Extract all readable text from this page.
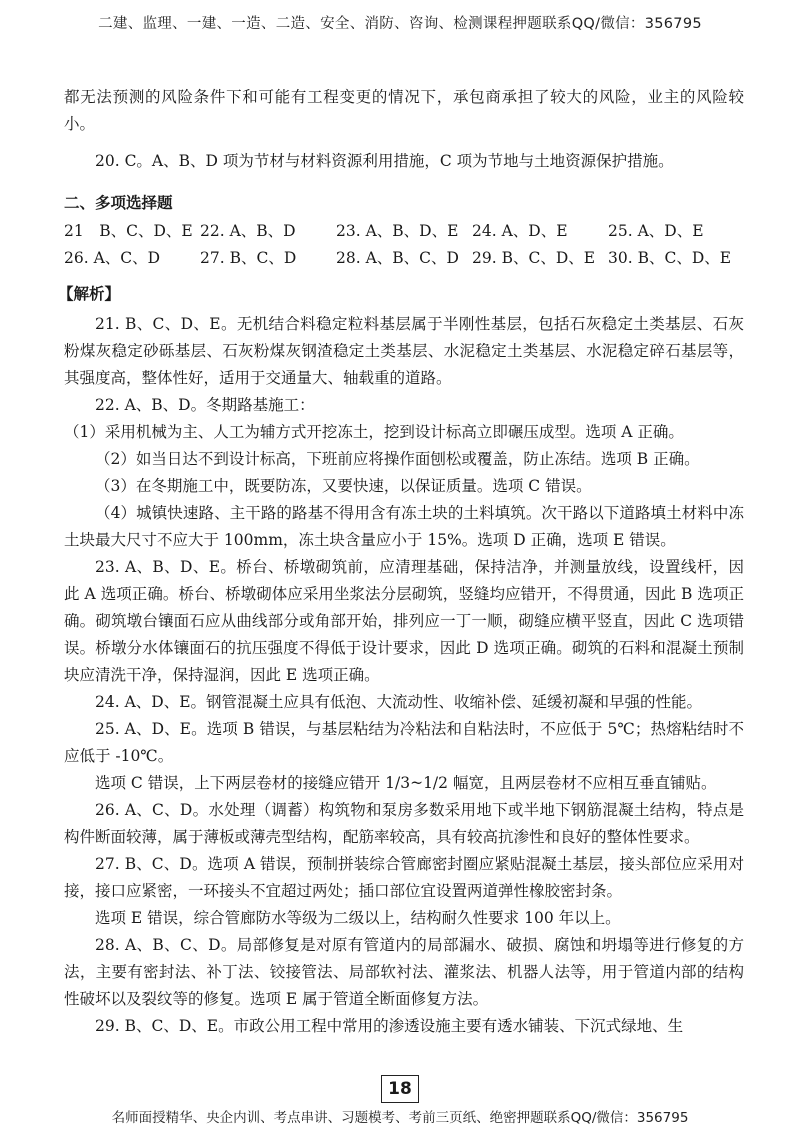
二建、监理、一建、一造、二造、安全、消防、咨询、检测课程押题联系QQ/微信：356795

都无法预测的风险条件下和可能有工程变更的情况下，承包商承担了较大的风险，业主的风险较小。

20. C。A、B、D 项为节材与材料资源利用措施，C 项为节地与土地资源保护措施。

二、多项选择题

21　B、C、D、E 22. A、B、D	23. A、B、D、E 24. A、D、E	25. A、D、E
26. A、C、D	27. B、C、D	28. A、B、C、D 29. B、C、D、E 30. B、C、D、E

【解析】

21. B、C、D、E。无机结合料稳定粒料基层属于半刚性基层，包括石灰稳定土类基层、石灰粉煤灰稳定砂砾基层、石灰粉煤灰钢渣稳定土类基层、水泥稳定土类基层、水泥稳定碎石基层等，其强度高，整体性好，适用于交通量大、轴载重的道路。

22. A、B、D。冬期路基施工：

（1）采用机械为主、人工为辅方式开挖冻土，挖到设计标高立即碾压成型。选项 A 正确。

（2）如当日达不到设计标高，下班前应将操作面刨松或覆盖，防止冻结。选项 B 正确。

（3）在冬期施工中，既要防冻，又要快速，以保证质量。选项 C 错误。

（4）城镇快速路、主干路的路基不得用含有冻土块的土料填筑。次干路以下道路填土材料中冻土块最大尺寸不应大于 100mm，冻土块含量应小于 15%。选项 D 正确，选项 E 错误。

23. A、B、D、E。桥台、桥墩砌筑前，应清理基础，保持洁净，并测量放线，设置线杆，因此 A 选项正确。桥台、桥墩砌体应采用坐浆法分层砌筑，竖缝均应错开，不得贯通，因此 B 选项正确。砌筑墩台镶面石应从曲线部分或角部开始，排列应一丁一顺，砌缝应横平竖直，因此 C 选项错误。桥墩分水体镶面石的抗压强度不得低于设计要求，因此 D 选项正确。砌筑的石料和混凝土预制块应清洗干净，保持湿润，因此 E 选项正确。

24. A、D、E。钢管混凝土应具有低泡、大流动性、收缩补偿、延缓初凝和早强的性能。

25. A、D、E。选项 B 错误，与基层粘结为冷粘法和自粘法时，不应低于 5℃；热熔粘结时不应低于 -10℃。

选项 C 错误，上下两层卷材的接缝应错开 1/3~1/2 幅宽，且两层卷材不应相互垂直铺贴。

26. A、C、D。水处理（调蓄）构筑物和泵房多数采用地下或半地下钢筋混凝土结构，特点是构件断面较薄，属于薄板或薄壳型结构，配筋率较高，具有较高抗渗性和良好的整体性要求。

27. B、C、D。选项 A 错误，预制拼装综合管廊密封圈应紧贴混凝土基层，接头部位应采用对接，接口应紧密，一环接头不宜超过两处；插口部位宜设置两道弹性橡胶密封条。

选项 E 错误，综合管廊防水等级为二级以上，结构耐久性要求 100 年以上。

28. A、B、C、D。局部修复是对原有管道内的局部漏水、破损、腐蚀和坍塌等进行修复的方法，主要有密封法、补丁法、铰接管法、局部软衬法、灌浆法、机器人法等，用于管道内部的结构性破坏以及裂纹等的修复。选项 E 属于管道全断面修复方法。

29. B、C、D、E。市政公用工程中常用的渗透设施主要有透水铺装、下沉式绿地、生

18
名师面授精华、央企内训、考点串讲、习题模考、考前三页纸、绝密押题联系QQ/微信：356795
